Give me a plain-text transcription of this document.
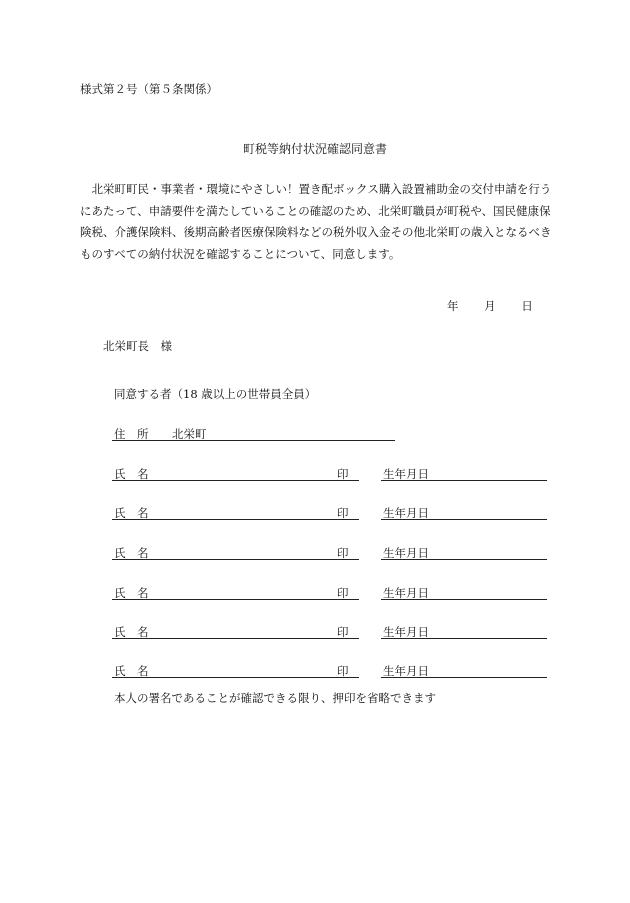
様式第２号（第５条関係）
町税等納付状況確認同意書
　北栄町町民・事業者・環境にやさしい！置き配ボックス購入設置補助金の交付申請を行う
にあたって、申請要件を満たしていることの確認のため、北栄町職員が町税や、国民健康保
険税、介護保険料、後期高齢者医療保険料などの税外収入金その他北栄町の歳入となるべき
ものすべての納付状況を確認することについて、同意します。
年 月 日
北栄町長　様
同意する者（18 歳以上の世帯員全員）
住　所 北栄町
氏　名	印	生年月日
氏　名	印	生年月日
氏　名	印	生年月日
氏　名	印	生年月日
氏　名	印	生年月日
氏　名	印	生年月日
本人の署名であることが確認できる限り、押印を省略できます
